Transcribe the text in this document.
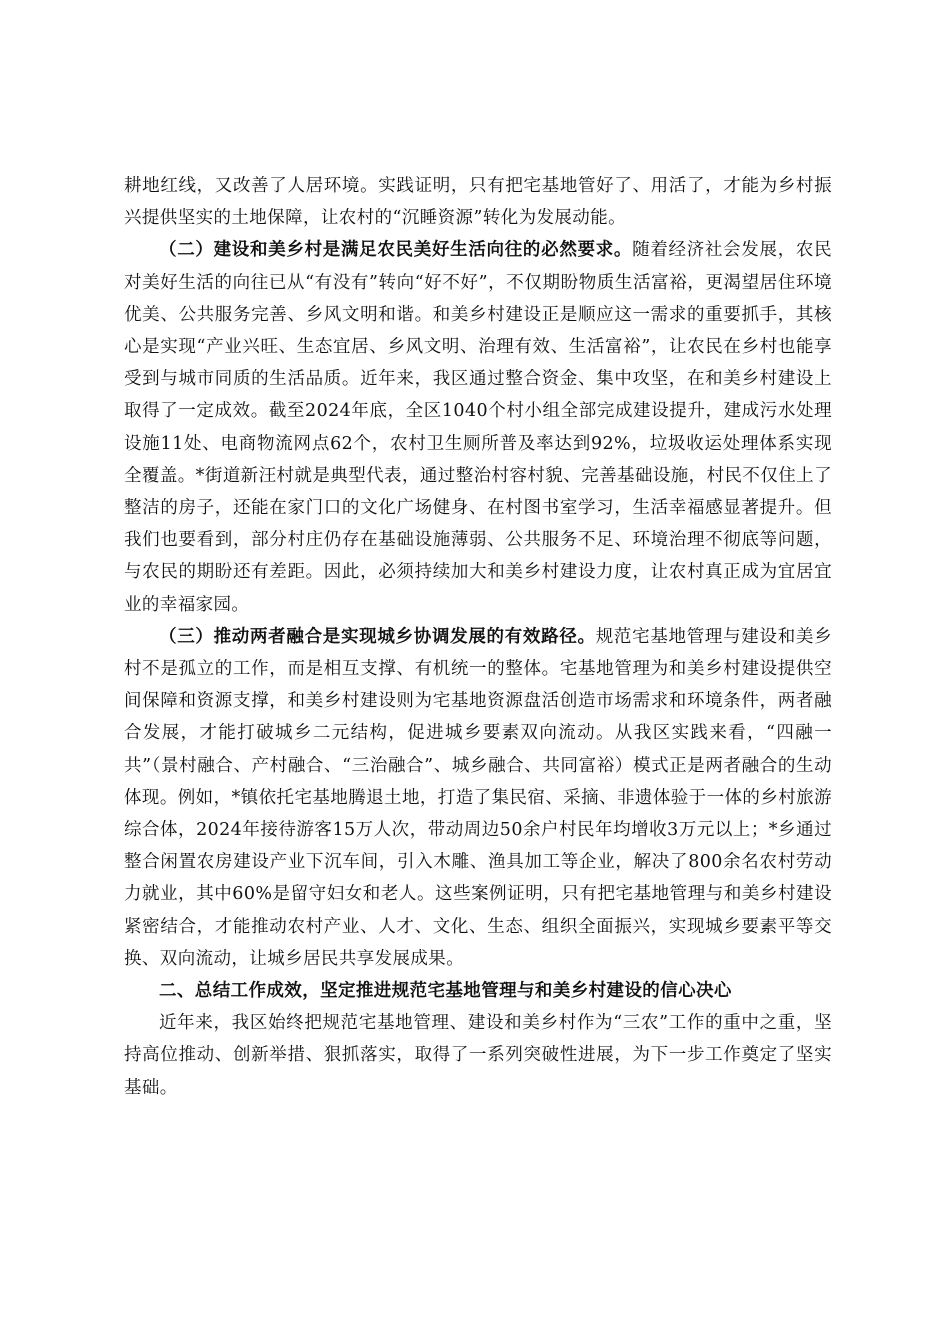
耕地红线，又改善了人居环境。实践证明，只有把宅基地管好了、用活了，才能为乡村振兴提供坚实的土地保障，让农村的“沉睡资源”转化为发展动能。

（二）建设和美乡村是满足农民美好生活向往的必然要求。随着经济社会发展，农民对美好生活的向往已从“有没有”转向“好不好”，不仅期盼物质生活富裕，更渴望居住环境优美、公共服务完善、乡风文明和谐。和美乡村建设正是顺应这一需求的重要抓手，其核心是实现“产业兴旺、生态宜居、乡风文明、治理有效、生活富裕”，让农民在乡村也能享受到与城市同质的生活品质。近年来，我区通过整合资金、集中攻坚，在和美乡村建设上取得了一定成效。截至2024年底，全区1040个村小组全部完成建设提升，建成污水处理设施11处、电商物流网点62个，农村卫生厕所普及率达到92%，垃圾收运处理体系实现全覆盖。*街道新汪村就是典型代表，通过整治村容村貌、完善基础设施，村民不仅住上了整洁的房子，还能在家门口的文化广场健身、在村图书室学习，生活幸福感显著提升。但我们也要看到，部分村庄仍存在基础设施薄弱、公共服务不足、环境治理不彻底等问题，与农民的期盼还有差距。因此，必须持续加大和美乡村建设力度，让农村真正成为宜居宜业的幸福家园。

（三）推动两者融合是实现城乡协调发展的有效路径。规范宅基地管理与建设和美乡村不是孤立的工作，而是相互支撑、有机统一的整体。宅基地管理为和美乡村建设提供空间保障和资源支撑，和美乡村建设则为宅基地资源盘活创造市场需求和环境条件，两者融合发展，才能打破城乡二元结构，促进城乡要素双向流动。从我区实践来看，“四融一共”（景村融合、产村融合、“三治融合”、城乡融合、共同富裕）模式正是两者融合的生动体现。例如，*镇依托宅基地腾退土地，打造了集民宿、采摘、非遗体验于一体的乡村旅游综合体，2024年接待游客15万人次，带动周边50余户村民年均增收3万元以上；*乡通过整合闲置农房建设产业下沉车间，引入木雕、渔具加工等企业，解决了800余名农村劳动力就业，其中60%是留守妇女和老人。这些案例证明，只有把宅基地管理与和美乡村建设紧密结合，才能推动农村产业、人才、文化、生态、组织全面振兴，实现城乡要素平等交换、双向流动，让城乡居民共享发展成果。

二、总结工作成效，坚定推进规范宅基地管理与和美乡村建设的信心决心

近年来，我区始终把规范宅基地管理、建设和美乡村作为“三农”工作的重中之重，坚持高位推动、创新举措、狠抓落实，取得了一系列突破性进展，为下一步工作奠定了坚实基础。
